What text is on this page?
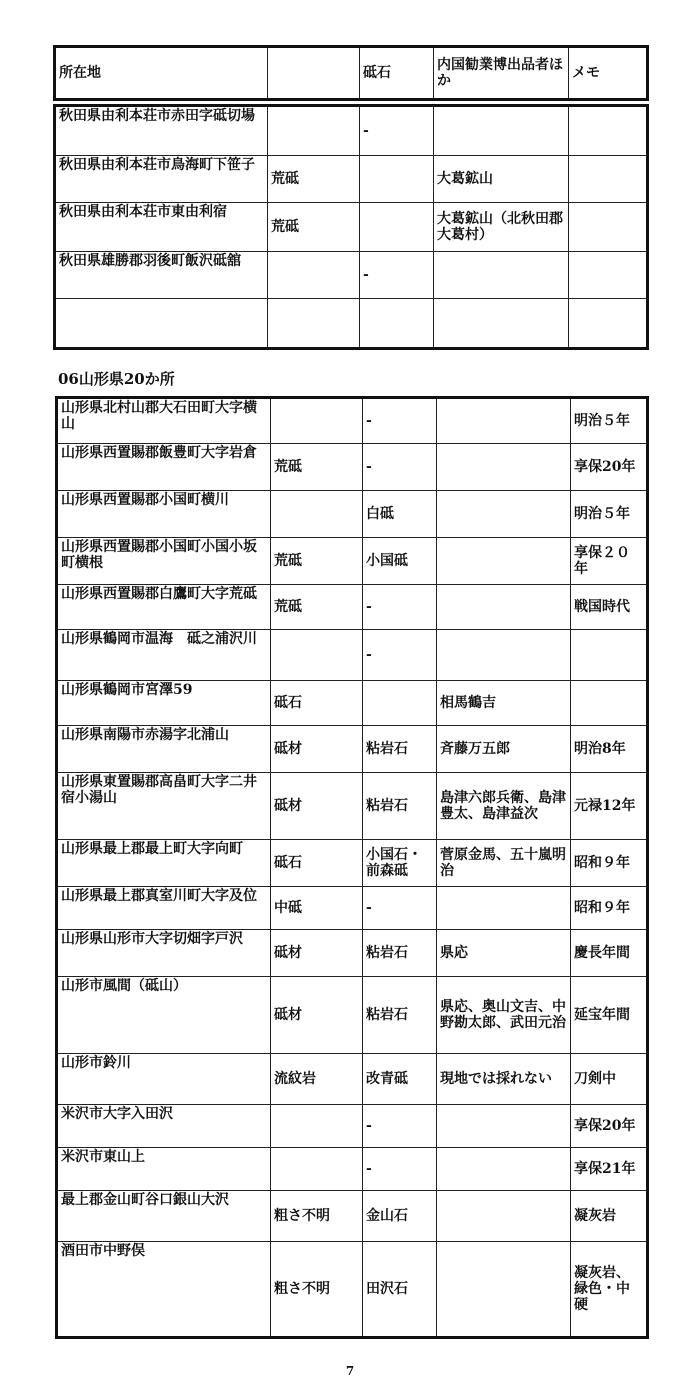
所在地		砥石	内国勧業博出品者ほか	メモ
秋田県由利本荘市赤田字砥切場		-		
秋田県由利本荘市鳥海町下笹子	荒砥		大葛鉱山	
秋田県由利本荘市東由利宿	荒砥		大葛鉱山（北秋田郡大葛村）	
秋田県雄勝郡羽後町飯沢砥舘		-		

06山形県20か所
山形県北村山郡大石田町大字横山		-		明治５年
山形県西置賜郡飯豊町大字岩倉	荒砥	-		享保20年
山形県西置賜郡小国町横川		白砥		明治５年
山形県西置賜郡小国町小国小坂町横根	荒砥	小国砥		享保２０年
山形県西置賜郡白鷹町大字荒砥	荒砥	-		戦国時代
山形県鶴岡市温海　砥之浦沢川		-		
山形県鶴岡市宮澤59	砥石		相馬鶴吉	
山形県南陽市赤湯字北浦山	砥材	粘岩石	斉藤万五郎	明治8年
山形県東置賜郡高畠町大字二井宿小湯山	砥材	粘岩石	島津六郎兵衛、島津豊太、島津益次	元禄12年
山形県最上郡最上町大字向町	砥石	小国石・前森砥	菅原金馬、五十嵐明治	昭和９年
山形県最上郡真室川町大字及位	中砥	-		昭和９年
山形県山形市大字切畑字戸沢	砥材	粘岩石	県応	慶長年間
山形市風間（砥山）	砥材	粘岩石	県応、奥山文吉、中野勘太郎、武田元治	延宝年間
山形市鈴川	流紋岩	改青砥	現地では採れない	刀剣中
米沢市大字入田沢		-		享保20年
米沢市東山上		-		享保21年
最上郡金山町谷口銀山大沢	粗さ不明	金山石		凝灰岩
酒田市中野俣	粗さ不明	田沢石		凝灰岩、緑色・中硬
7
